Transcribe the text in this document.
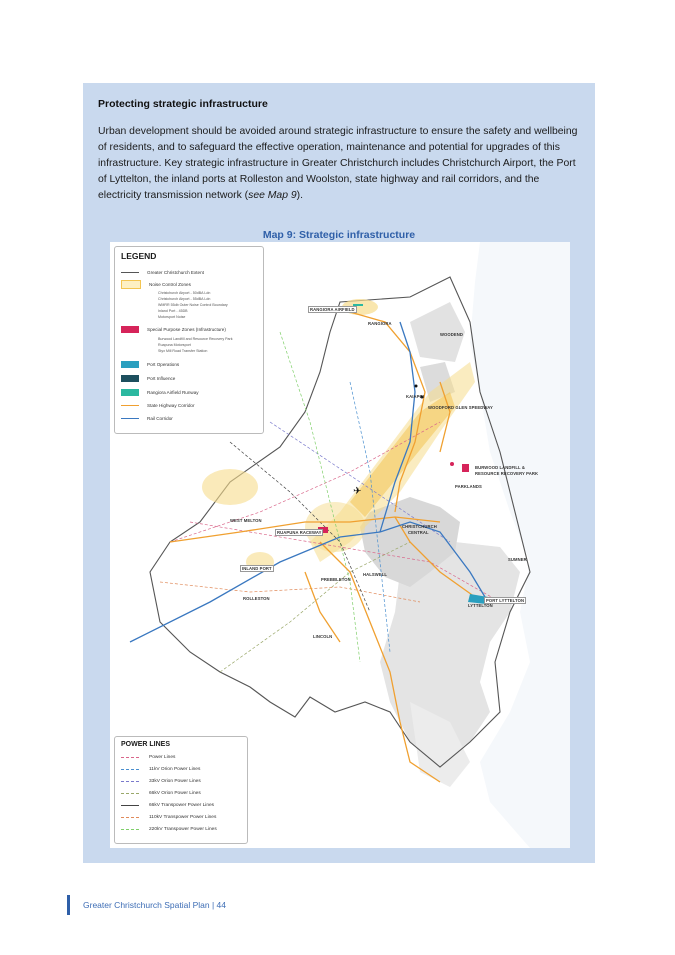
Protecting strategic infrastructure
Urban development should be avoided around strategic infrastructure to ensure the safety and wellbeing of residents, and to safeguard the effective operation, maintenance and potential for upgrades of this infrastructure. Key strategic infrastructure in Greater Christchurch includes Christchurch Airport, the Port of Lyttelton, the inland ports at Rolleston and Woolston, state highway and rail corridors, and the electricity transmission network (see Map 9).
Map 9: Strategic infrastructure
✈
LEGEND
Greater Christchurch Extent
Noise Control Zones
Christchurch Airport - 50dBA Ldn
Christchurch Airport - 55dBA Ldn
WMRR 55db Outer Noise Control Boundary
Inland Port - 45DB
Motorsport Noise
Special Purpose Zones (Infrastructure)
Burwood Landfill and Resource Recovery Park
Ruapuna Motorsport
Styx Mill Road Transfer Station
Port Operations
Port Influence
Rangiora Airfield Runway
State Highway Corridor
Rail Corridor
POWER LINES
Power Lines
11kV Orion Power Lines
33kV Orion Power Lines
66kV Orion Power Lines
66kV Transpower Power Lines
110kV Transpower Power Lines
220kV Transpower Power Lines
RANGIORA AIRFIELD
RANGIORA
WOODEND
KAIAPOI
WOODFORD GLEN SPEEDWAY
BURWOOD LANDFILL &
RESOURCE RECOVERY PARK
PARKLANDS
WEST MELTON
RUAPUNA RACEWAY
CHRISTCHURCH
CENTRAL
SUMNER
INLAND PORT
PREBBLETON
HALSWELL
ROLLESTON	PORT LYTTELTON
LYTTELTON
LINCOLN
Greater Christchurch Spatial Plan | 44
